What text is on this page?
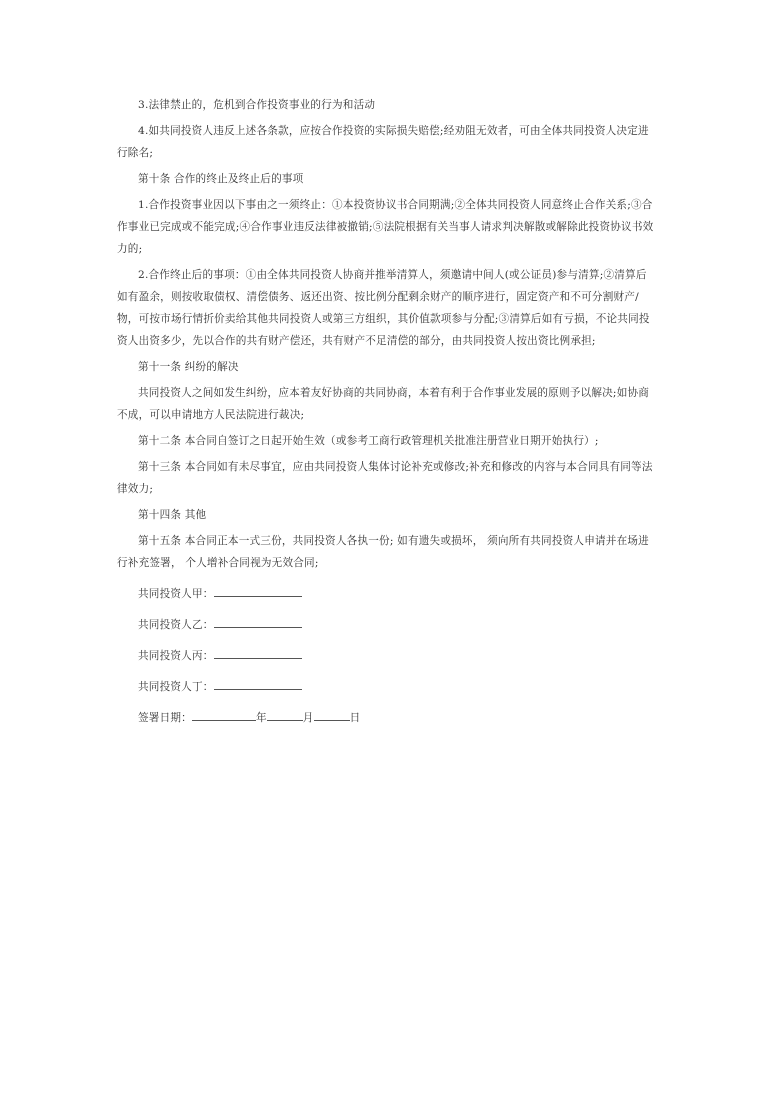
3.法律禁止的，危机到合作投资事业的行为和活动

4.如共同投资人违反上述各条款，应按合作投资的实际损失赔偿;经劝阻无效者，可由全体共同投资人决定进行除名;

第十条 合作的终止及终止后的事项

1.合作投资事业因以下事由之一须终止：①本投资协议书合同期满;②全体共同投资人同意终止合作关系;③合作事业已完成或不能完成;④合作事业违反法律被撤销;⑤法院根据有关当事人请求判决解散或解除此投资协议书效力的;

2.合作终止后的事项：①由全体共同投资人协商并推举清算人，须邀请中间人(或公证员)参与清算;②清算后如有盈余，则按收取债权、清偿债务、返还出资、按比例分配剩余财产的顺序进行，固定资产和不可分割财产/物，可按市场行情折价卖给其他共同投资人或第三方组织，其价值款项参与分配;③清算后如有亏损，不论共同投资人出资多少，先以合作的共有财产偿还，共有财产不足清偿的部分，由共同投资人按出资比例承担;

第十一条 纠纷的解决

共同投资人之间如发生纠纷，应本着友好协商的共同协商，本着有利于合作事业发展的原则予以解决;如协商不成，可以申请地方人民法院进行裁决;

第十二条 本合同自签订之日起开始生效（或参考工商行政管理机关批准注册营业日期开始执行）;

第十三条 本合同如有未尽事宜，应由共同投资人集体讨论补充或修改;补充和修改的内容与本合同具有同等法律效力;

第十四条 其他

第十五条 本合同正本一式三份，共同投资人各执一份; 如有遗失或损坏， 须向所有共同投资人申请并在场进行补充签署， 个人增补合同视为无效合同;

共同投资人甲：
共同投资人乙：
共同投资人丙：
共同投资人丁：
签署日期：	年	月	日
